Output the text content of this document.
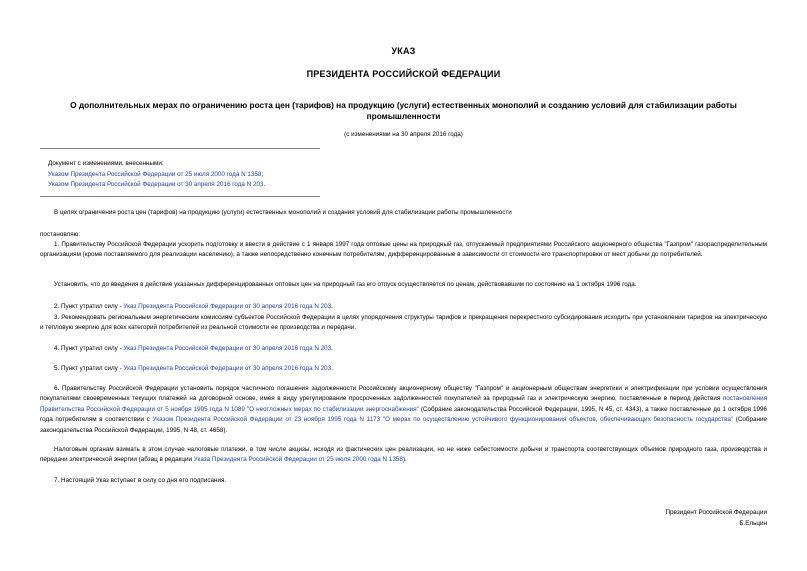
УКАЗ
ПРЕЗИДЕНТА РОССИЙСКОЙ ФЕДЕРАЦИИ
О дополнительных мерах по ограничению роста цен (тарифов) на продукцию (услуги) естественных монополий и созданию условий для стабилизации работы промышленности
(с изменениями на 30 апреля 2016 года)
Документ с изменениями, внесенными:
Указом Президента Российской Федерации от 25 июля 2000 года N 1358;
Указом Президента Российской Федерации от 30 апреля 2016 года N 203.
В целях ограничения роста цен (тарифов) на продукцию (услуги) естественных монополий и создания условий для стабилизации работы промышленности
постановляю:
1. Правительству Российской Федерации ускорить подготовку и ввести в действие с 1 января 1997 года оптовые цены на природный газ, отпускаемый предприятиями Российского акционерного общества "Газпром" газораспределительным организациям (кроме поставляемого для реализации населению), а также непосредственно конечным потребителям, дифференцированные в зависимости от стоимости его транспортировки от мест добычи до потребителей.
Установить, что до введения в действие указанных дифференцированных оптовых цен на природный газ его отпуск осуществляется по ценам, действовавшим по состоянию на 1 октября 1996 года.
2. Пункт утратил силу - Указ Президента Российской Федерации от 30 апреля 2016 года N 203.
3. Рекомендовать региональным энергетическим комиссиям субъектов Российской Федерации в целях упорядочения структуры тарифов и прекращения перекрестного субсидирования исходить при установлении тарифов на электрическую и тепловую энергию для всех категорий потребителей из реальной стоимости ее производства и передачи.
4. Пункт утратил силу - Указ Президента Российской Федерации от 30 апреля 2016 года N 203.
5. Пункт утратил силу - Указ Президента Российской Федерации от 30 апреля 2016 года N 203.
6. Правительству Российской Федерации установить порядок частичного погашения задолженности Российскому акционерному обществу "Газпром" и акционерным обществам энергетики и электрификации при условии осуществления покупателями своевременных текущих платежей на договорной основе, имея в виду урегулирование просроченных задолженностей покупателей за природный газ и электрическую энергию, поставленные в период действия постановления Правительства Российской Федерации от 5 ноября 1995 года N 1089 "О неотложных мерах по стабилизации энергоснабжения" (Собрание законодательства Российской Федерации, 1995, N 45, ст. 4343), а также поставленные до 1 октября 1996 года потребителям в соответствии с Указом Президента Российской Федерации от 23 ноября 1995 года N 1173 "О мерах по осуществлению устойчивого функционирования объектов, обеспечивающих безопасность государства" (Собрание законодательства Российской Федерации, 1995, N 48, ст. 4658).
Налоговым органам взимать в этом случае налоговые платежи, в том числе акцизы, исходя из фактических цен реализации, но не ниже себестоимости добычи и транспорта соответствующих объемов природного газа, производства и передачи электрической энергии (абзац в редакции Указа Президента Российской Федерации от 25 июля 2000 года N 1358).
7. Настоящий Указ вступает в силу со дня его подписания.
Президент Российской Федерации
Б.Ельцин
